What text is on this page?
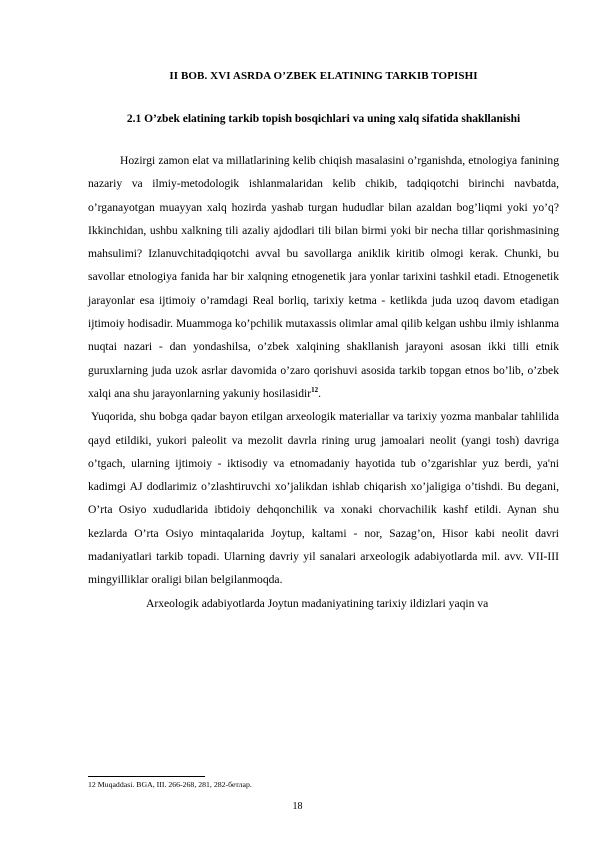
II BOB. XVI ASRDA O’ZBEK ELATINING TARKIB TOPISHI
2.1 O’zbek elatining tarkib topish bosqichlari va uning xalq sifatida shakllanishi

Hozirgi zamon elat va millatlarining kelib chiqish masalasini o’rganishda, etnologiya fanining nazariy va ilmiy-metodologik ishlanmalaridan kelib chikib, tadqiqotchi birinchi navbatda, o’rganayotgan muayyan xalq hozirda yashab turgan hududlar bilan azaldan bog’liqmi yoki yo’q? Ikkinchidan, ushbu xalkning tili azaliy ajdodlari tili bilan birmi yoki bir necha tillar qorishmasining mahsulimi? Izlanuvchitadqiqotchi avval bu savollarga aniklik kiritib olmogi kerak. Chunki, bu savollar etnologiya fanida har bir xalqning etnogenetik jara yonlar tarixini tashkil etadi. Etnogenetik jarayonlar esa ijtimoiy o’ramdagi Real borliq, tarixiy ketma - ketlikda juda uzoq davom etadigan ijtimoiy hodisadir. Muammoga ko’pchilik mutaxassis olimlar amal qilib kelgan ushbu ilmiy ishlanma nuqtai nazari - dan yondashilsa, o’zbek xalqining shakllanish jarayoni asosan ikki tilli etnik guruxlarning juda uzok asrlar davomida o’zaro qorishuvi asosida tarkib topgan etnos bo’lib, o’zbek xalqi ana shu jarayonlarning yakuniy hosilasidir$^{12}$.

Yuqorida, shu bobga qadar bayon etilgan arxeologik materiallar va tarixiy yozma manbalar tahlilida qayd etildiki, yukori paleolit va mezolit davrla rining urug jamoalari neolit (yangi tosh) davriga o’tgach, ularning ijtimoiy - iktisodiy va etnomadaniy hayotida tub o’zgarishlar yuz berdi, ya'ni kadimgi AJ dodlarimiz o’zlashtiruvchi xo’jalikdan ishlab chiqarish xo’jaligiga o’tishdi. Bu degani, O’rta Osiyo xududlarida ibtidoiy dehqonchilik va xonaki chorvachilik kashf etildi. Aynan shu kezlarda O’rta Osiyo mintaqalarida Joytup, kaltami - nor, Sazag’on, Hisor kabi neolit davri madaniyatlari tarkib topadi. Ularning davriy yil sanalari arxeologik adabiyotlarda mil. avv. VII-III mingyilliklar oraligi bilan belgilanmoqda.

Arxeologik adabiyotlarda Joytun madaniyatining tarixiy ildizlari yaqin va

12 Muqaddasi. BGA, III. 266-268, 281, 282-бетлар.
18
